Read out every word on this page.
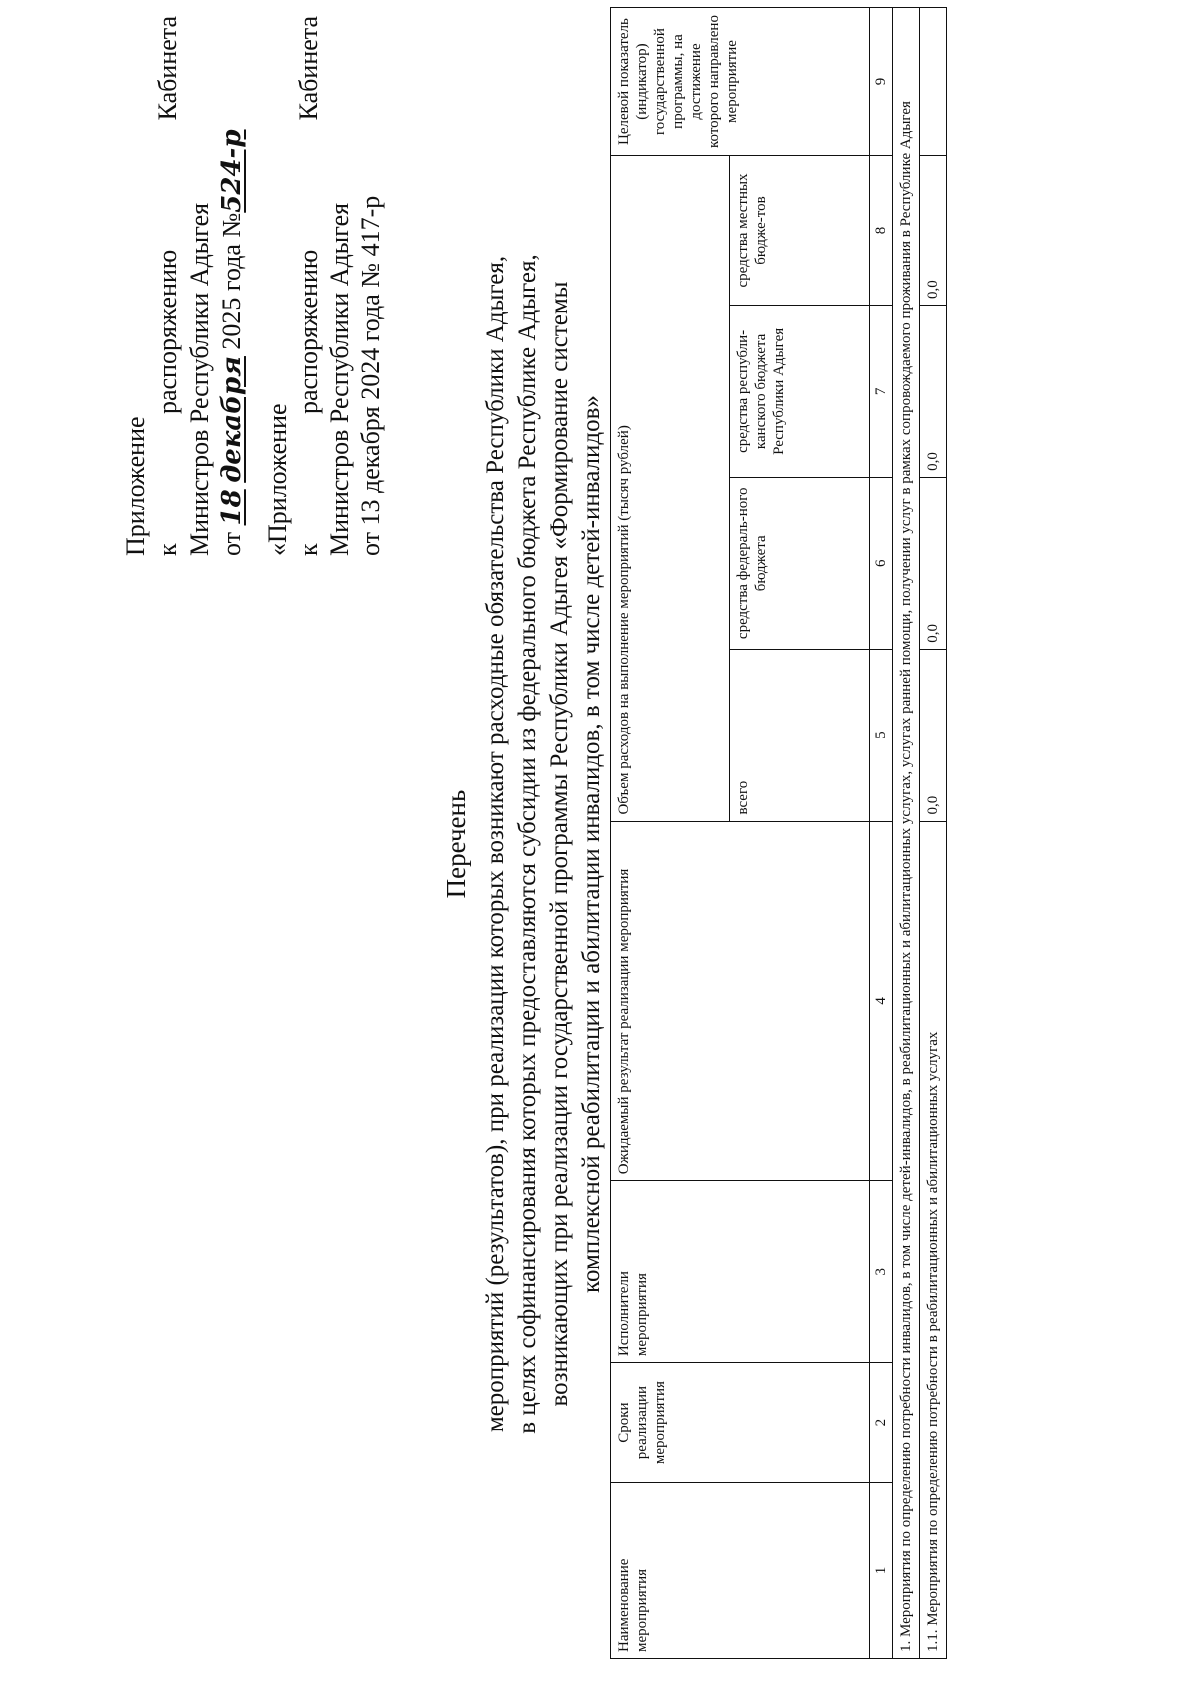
Приложение к
распоряжению
Кабинета
Министров Республики Адыгея от 18 декабря 2025 года №524-р
«Приложение к
распоряжению
Кабинета
Министров Республики Адыгея от 13 декабря 2024 года № 417-р
Перечень мероприятий (результатов), при реализации которых возникают расходные обязательства Республики Адыгея, в целях софинансирования которых предоставляются субсидии из федерального бюджета Республике Адыгея, возникающих при реализации государственной программы Республики Адыгея «Формирование системы комплексной реабилитации и абилитации инвалидов, в том числе детей-инвалидов»
Наименование мероприятия	Сроки реализации мероприятия	Исполнители мероприятия	Ожидаемый результат реализации мероприятия	Объем расходов на выполнение мероприятий (тысяч рублей)				Целевой показатель (индикатор) государственной программы, на достижение которого направлено мероприятие
				всего	средства федераль-ного бюджета	средства республи-канского бюджета Республики Адыгея	средства местных бюдже-тов	
1	2	3	4	5	6	7	8	9
1. Мероприятия по определению потребности инвалидов, в том числе детей-инвалидов, в реабилитационных и абилитационных услугах, услугах ранней помощи, получении услуг в рамках сопровождаемого проживания в Республике Адыгея								
1.1. Мероприятия по определению потребности в реабилитационных и абилитационных услугах				0,0	0,0	0,0	0,0	
